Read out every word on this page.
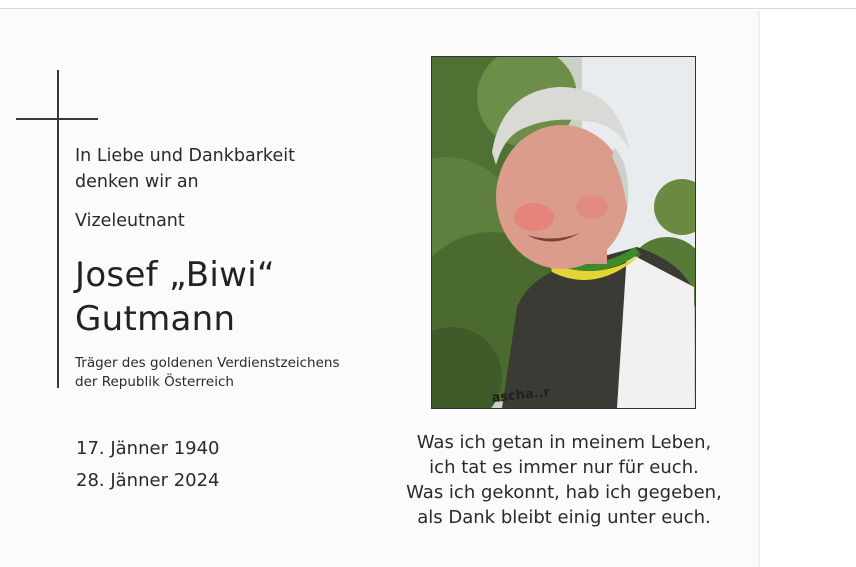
In Liebe und Dankbarkeit
denken wir an
Vizeleutnant
Josef „Biwi“
Gutmann
Träger des goldenen Verdienstzeichens
der Republik Österreich
17. Jänner 1940
28. Jänner 2024
ascha..r
Was ich getan in meinem Leben,
ich tat es immer nur für euch.
Was ich gekonnt, hab ich gegeben,
als Dank bleibt einig unter euch.
